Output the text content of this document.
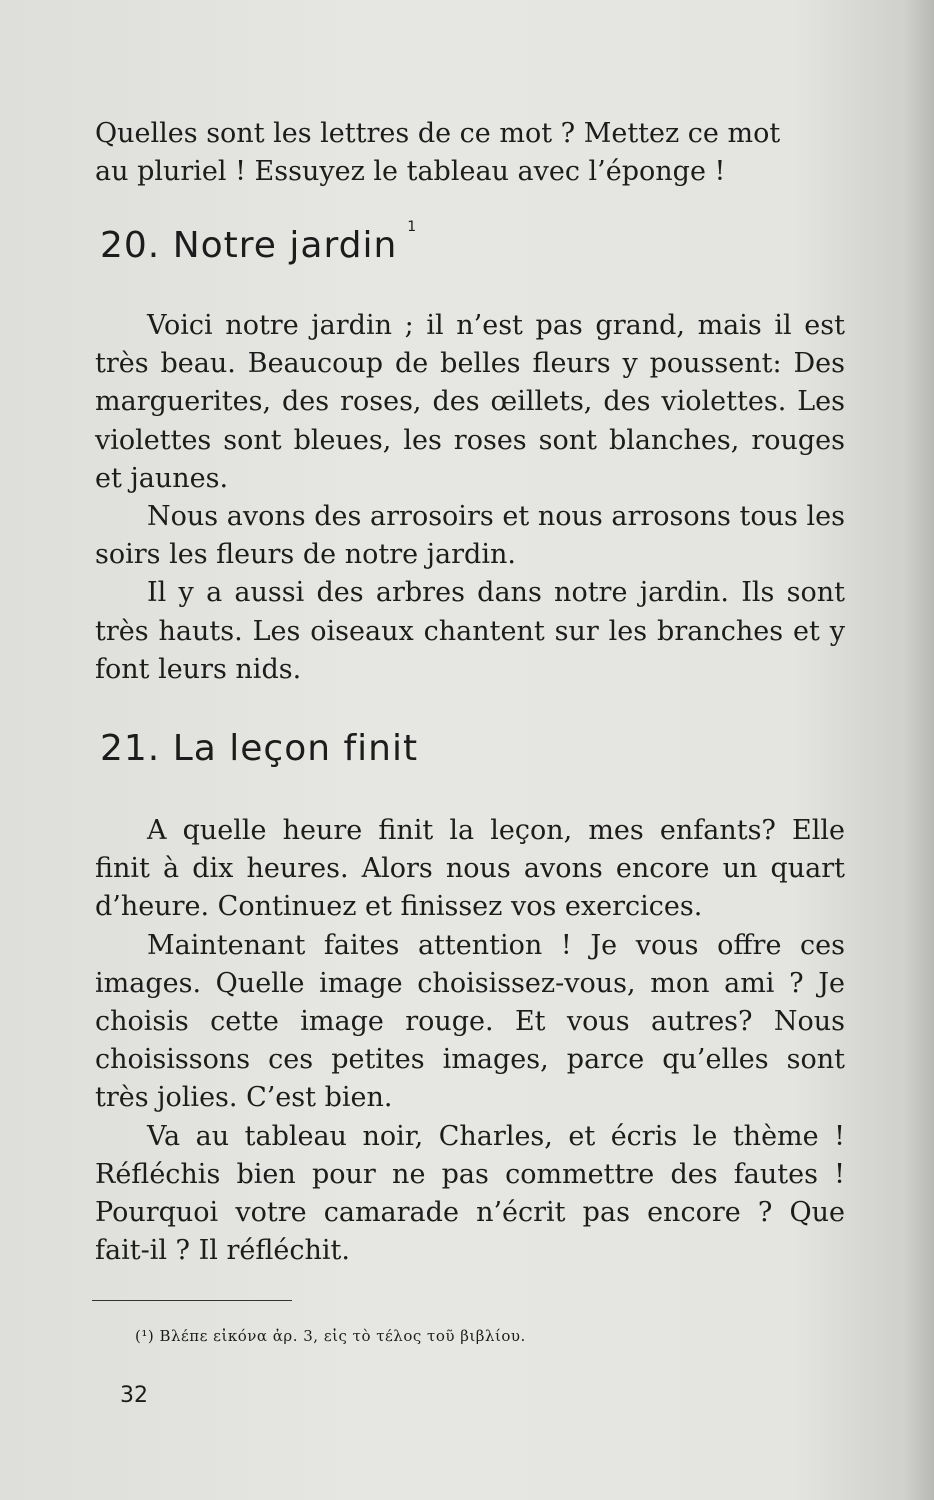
Quelles sont les lettres de ce mot ? Mettez ce mot

au pluriel ! Essuyez le tableau avec l’éponge !

20. Notre jardin $^1$

Voici notre jardin ; il n’est pas grand, mais il est très beau. Beaucoup de belles fleurs y poussent: Des marguerites, des roses, des œillets, des violettes. Les violettes sont bleues, les roses sont blanches, rouges et jaunes.

Nous avons des arrosoirs et nous arrosons tous les soirs les fleurs de notre jardin.

Il y a aussi des arbres dans notre jardin. Ils sont très hauts. Les oiseaux chantent sur les branches et y font leurs nids.

21. La leçon finit

A quelle heure finit la leçon, mes enfants? Elle finit à dix heures. Alors nous avons encore un quart d’heure. Continuez et finissez vos exercices.

Maintenant faites attention ! Je vous offre ces images. Quelle image choisissez-vous, mon ami ? Je choisis cette image rouge. Et vous autres? Nous choisissons ces petites images, parce qu’elles sont très jolies. C’est bien.

Va au tableau noir, Charles, et écris le thème ! Réfléchis bien pour ne pas commettre des fautes ! Pourquoi votre camarade n’écrit pas encore ? Que fait-il ? Il réfléchit.

(¹) Βλέπε εἰκόνα ἀρ. 3, εἰς τὸ τέλος τοῦ βιβλίου.
32
